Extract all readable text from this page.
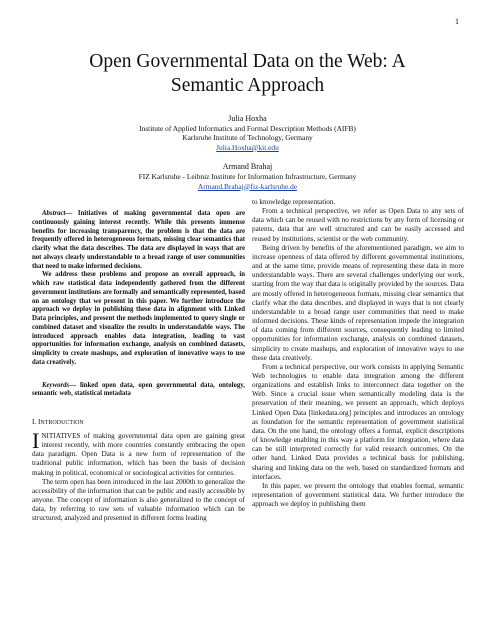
1
Open Governmental Data on the Web: A
Semantic Approach
Julia Hoxha
Institute of Applied Informatics and Formal Description Methods (AIFB)
Karlsruhe Institute of Technology, Germany
Julia.Hoxha@kit.edu
Armand Brahaj
FIZ Karlsruhe - Leibniz Institute for Information Infrastructure, Germany
Armand.Brahaj@fiz-karlsruhe.de

Abstract— Initiatives of making governmental data open are continuously gaining interest recently. While this presents immense benefits for increasing transparency, the problem is that the data are frequently offered in heterogeneous formats, missing clear semantics that clarify what the data describes. The data are displayed in ways that are not always clearly understandable to a broad range of user communities that need to make informed decisions.

We address these problems and propose an overall approach, in which raw statistical data independently gathered from the different government institutions are formally and semantically represented, based on an ontology that we present in this paper. We further introduce the approach we deploy in publishing these data in alignment with Linked Data principles, and present the methods implemented to query single or combined dataset and visualize the results in understandable ways. The introduced approach enables data integration, leading to vast opportunities for information exchange, analysis on combined datasets, simplicity to create mashups, and exploration of innovative ways to use data creatively.

Keywords— linked open data, open governmental data, ontology, semantic web, statistical metadata

I. INTRODUCTION

INITIATIVES of making governmental data open are gaining great interest recently, with more countries constantly embracing the open data paradigm. Open Data is a new form of representation of the traditional public information, which has been the basis of decision making in political, economical or sociological activities for centuries.

The term open has been introduced in the last 2000th to generalize the accessibility of the information that can be public and easily accessible by anyone. The concept of information is also generalized to the concept of data, by referring to raw sets of valuable information which can be structured, analyzed and presented in different forms leading

to knowledge representation.

From a technical perspective, we refer as Open Data to any sets of data which can be reused with no restrictions by any form of licensing or patents, data that are well structured and can be easily accessed and reused by institutions, scientist or the web community.

Being driven by benefits of the aforementioned paradigm, we aim to increase openness of data offered by different governmental institutions, and at the same time, provide means of representing these data in more understandable ways. There are several challenges underlying our work, starting from the way that data is originally provided by the sources. Data are mostly offered in heterogeneous formats, missing clear semantics that clarify what the data describes, and displayed in ways that is not clearly understandable to a broad range user communities that need to make informed decisions. These kinds of representation impede the integration of data coming from different sources, consequently leading to limited opportunities for information exchange, analysis on combined datasets, simplicity to create mashups, and exploration of innovative ways to use these data creatively.

From a technical perspective, our work consists in applying Semantic Web technologies to enable data integration among the different organizations and establish links to interconnect data together on the Web. Since a crucial issue when semantically modeling data is the preservation of their meaning, we present an approach, which deploys Linked Open Data [linkedata.org] principles and introduces an ontology as foundation for the semantic representation of government statistical data. On the one hand, the ontology offers a formal, explicit descriptions of knowledge enabling in this way a platform for integration, where data can be still interpreted correctly for valid research outcomes. On the other hand, Linked Data provides a technical basis for publishing, sharing and linking data on the web, based on standardized formats and interfaces.

In this paper, we present the ontology that enables formal, semantic representation of government statistical data. We further introduce the approach we deploy in publishing them
